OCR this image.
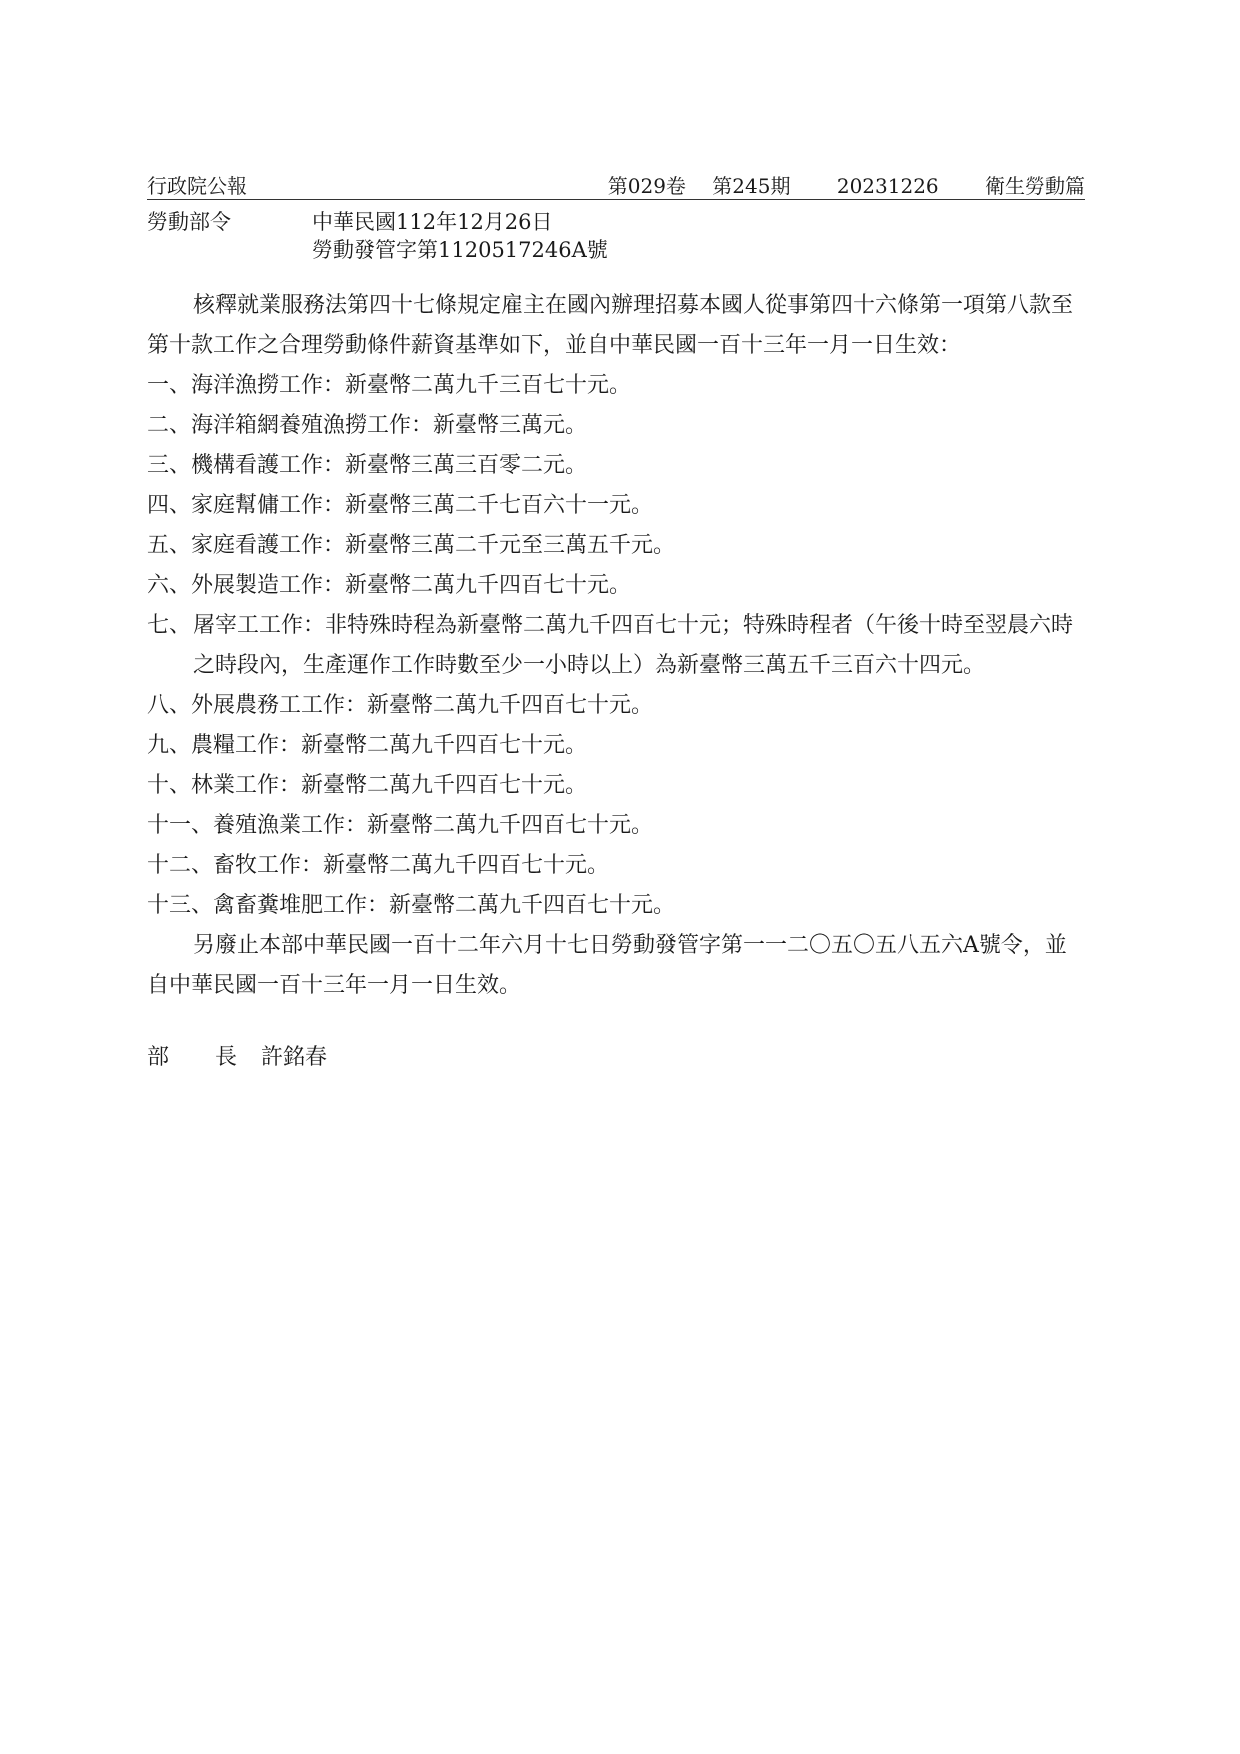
行政院公報	第029卷 第245期 20231226 衛生勞動篇
勞動部令	中華民國112年12月26日
勞動發管字第1120517246A號

核釋就業服務法第四十七條規定雇主在國內辦理招募本國人從事第四十六條第一項第八款至第十款工作之合理勞動條件薪資基準如下，並自中華民國一百十三年一月一日生效：

一、 海洋漁撈工作：新臺幣二萬九千三百七十元。
二、 海洋箱網養殖漁撈工作：新臺幣三萬元。
三、 機構看護工作：新臺幣三萬三百零二元。
四、 家庭幫傭工作：新臺幣三萬二千七百六十一元。
五、 家庭看護工作：新臺幣三萬二千元至三萬五千元。
六、 外展製造工作：新臺幣二萬九千四百七十元。
七、 屠宰工工作：非特殊時程為新臺幣二萬九千四百七十元；特殊時程者（午後十時至翌晨六時之時段內，生產運作工作時數至少一小時以上）為新臺幣三萬五千三百六十四元。
八、 外展農務工工作：新臺幣二萬九千四百七十元。
九、 農糧工作：新臺幣二萬九千四百七十元。
十、 林業工作：新臺幣二萬九千四百七十元。
十一、 養殖漁業工作：新臺幣二萬九千四百七十元。
十二、 畜牧工作：新臺幣二萬九千四百七十元。
十三、 禽畜糞堆肥工作：新臺幣二萬九千四百七十元。

另廢止本部中華民國一百十二年六月十七日勞動發管字第一一二〇五〇五八五六A號令，並自中華民國一百十三年一月一日生效。

部 長 許銘春
